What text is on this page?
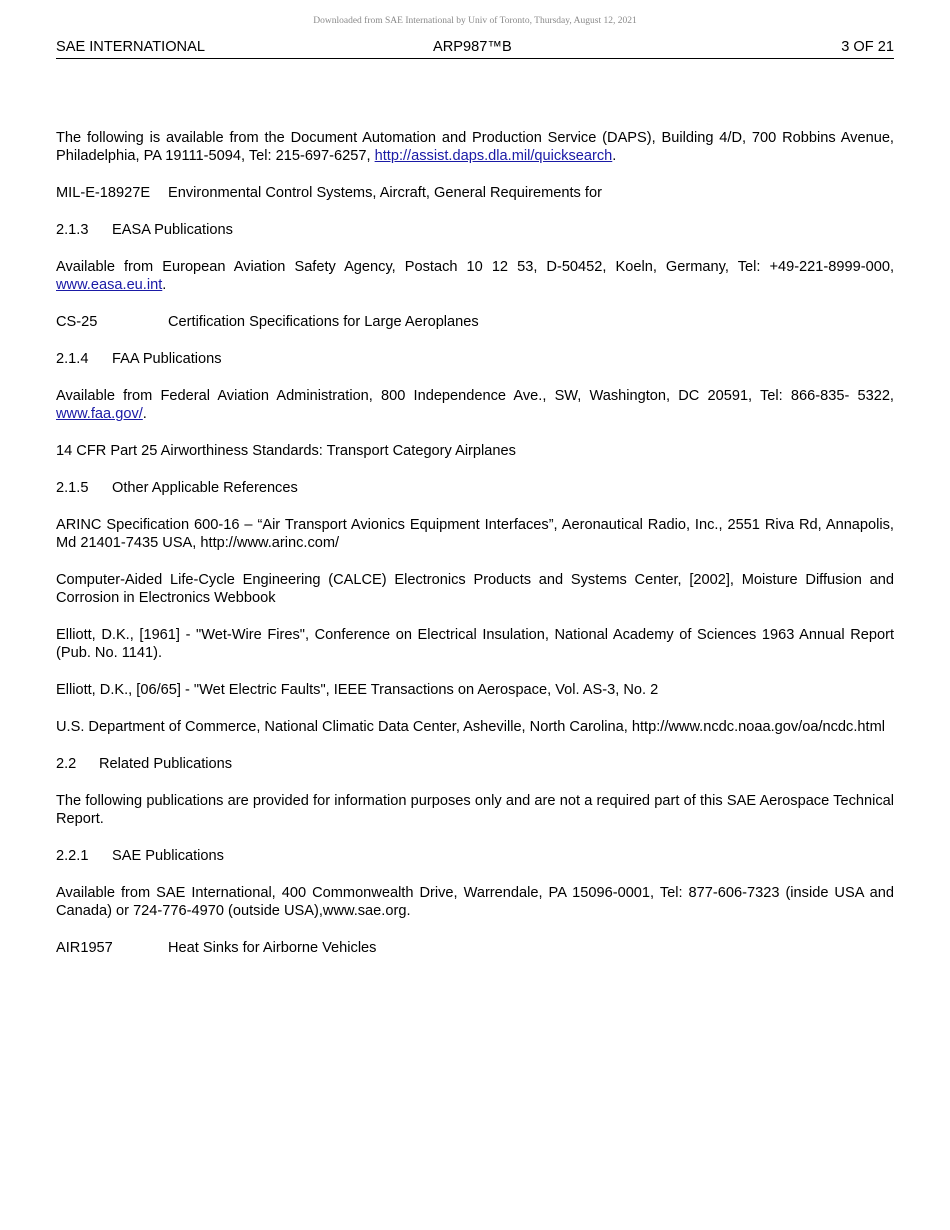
Downloaded from SAE International by Univ of Toronto, Thursday, August 12, 2021
SAE INTERNATIONAL	ARP987™B	3 OF 21

The following is available from the Document Automation and Production Service (DAPS), Building 4/D, 700 Robbins Avenue, Philadelphia, PA 19111-5094, Tel: 215-697-6257, http://assist.daps.dla.mil/quicksearch.

MIL-E-18927E	Environmental Control Systems, Aircraft, General Requirements for
2.1.3	EASA Publications

Available from European Aviation Safety Agency, Postach 10 12 53, D-50452, Koeln, Germany, Tel: +49-221-8999-000, www.easa.eu.int.

CS-25	Certification Specifications for Large Aeroplanes
2.1.4	FAA Publications

Available from Federal Aviation Administration, 800 Independence Ave., SW, Washington, DC 20591, Tel: 866-835- 5322, www.faa.gov/.

14 CFR Part 25 Airworthiness Standards: Transport Category Airplanes

2.1.5	Other Applicable References

ARINC Specification 600-16 – “Air Transport Avionics Equipment Interfaces”, Aeronautical Radio, Inc., 2551 Riva Rd, Annapolis, Md 21401-7435 USA, http://www.arinc.com/

Computer-Aided Life-Cycle Engineering (CALCE) Electronics Products and Systems Center, [2002], Moisture Diffusion and Corrosion in Electronics Webbook

Elliott, D.K., [1961] - "Wet-Wire Fires", Conference on Electrical Insulation, National Academy of Sciences 1963 Annual Report (Pub. No. 1141).

Elliott, D.K., [06/65] - "Wet Electric Faults", IEEE Transactions on Aerospace, Vol. AS-3, No. 2

U.S. Department of Commerce, National Climatic Data Center, Asheville, North Carolina, http://www.ncdc.noaa.gov/oa/ncdc.html

2.2	Related Publications

The following publications are provided for information purposes only and are not a required part of this SAE Aerospace Technical Report.

2.2.1	SAE Publications

Available from SAE International, 400 Commonwealth Drive, Warrendale, PA 15096-0001, Tel: 877-606-7323 (inside USA and Canada) or 724-776-4970 (outside USA),www.sae.org.

AIR1957	Heat Sinks for Airborne Vehicles
